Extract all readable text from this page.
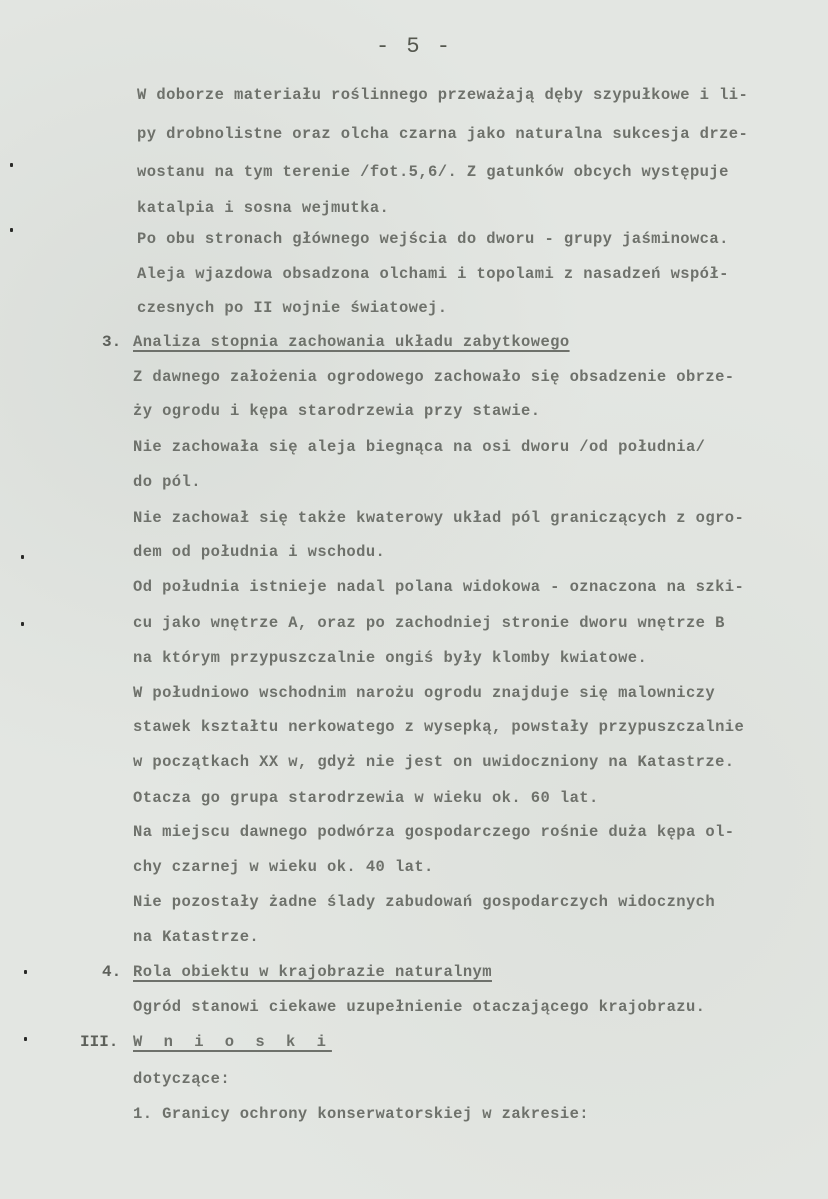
- 5 -
W doborze materiału roślinnego przeważają dęby szypułkowe i li-
py drobnolistne oraz olcha czarna jako naturalna sukcesja drze-
wostanu na tym terenie /fot.5,6/. Z gatunków obcych występuje
katalpia i sosna wejmutka.
Po obu stronach głównego wejścia do dworu - grupy jaśminowca.
Aleja wjazdowa obsadzona olchami i topolami z nasadzeń współ-
czesnych po II wojnie światowej.
3. Analiza stopnia zachowania układu zabytkowego
Z dawnego założenia ogrodowego zachowało się obsadzenie obrze-
ży ogrodu i kępa starodrzewia przy stawie.
Nie zachowała się aleja biegnąca na osi dworu /od południa/
do pól.
Nie zachował się także kwaterowy układ pól graniczących z ogro-
dem od południa i wschodu.
Od południa istnieje nadal polana widokowa - oznaczona na szki-
cu jako wnętrze A, oraz po zachodniej stronie dworu wnętrze B
na którym przypuszczalnie ongiś były klomby kwiatowe.
W południowo wschodnim narożu ogrodu znajduje się malowniczy
stawek kształtu nerkowatego z wysepką, powstały przypuszczalnie
w początkach XX w, gdyż nie jest on uwidoczniony na Katastrze.
Otacza go grupa starodrzewia w wieku ok. 60 lat.
Na miejscu dawnego podwórza gospodarczego rośnie duża kępa ol-
chy czarnej w wieku ok. 40 lat.
Nie pozostały żadne ślady zabudowań gospodarczych widocznych
na Katastrze.
4. Rola obiektu w krajobrazie naturalnym
Ogród stanowi ciekawe uzupełnienie otaczającego krajobrazu.
III. W n i o s k i
dotyczące:
1. Granicy ochrony konserwatorskiej w zakresie:
